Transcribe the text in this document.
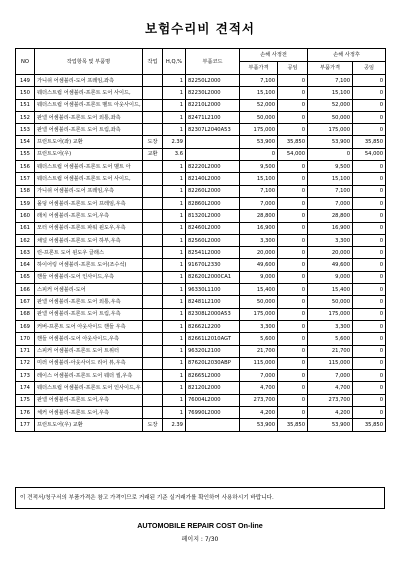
보험수리비 견적서
NO	작업항목 및 부품명	작업	H,Q,%	부품코드	손해 사정전		손해 사정후	
					부품가격	공임	부품가격	공임
149	가니쉬 어셈블리-도어 프레임,좌측		1	82250L2000	7,100	0	7,100	0
150	웨더스트립 어셈블리-프론트 도어 사이드,		1	82230L2000	15,100	0	15,100	0
151	웨더스트립 어셈블리-프론트 벨트 아웃사이드,		1	82210L2000	52,000	0	52,000	0
152	판넬 어셈블리-프론트 도어 외통,좌측		1	82471L2100	50,000	0	50,000	0
153	판넬 어셈블리-프론트 도어 트림,좌측		1	82307L2040A53	175,000	0	175,000	0
154	프런트도어(좌) 교환	도장	2.39		53,900	35,850	53,900	35,850
155	프런트도어(우)	교환	3.6		0	54,000	0	54,000
156	웨더스트립 어셈블리-프론트 도어 벨트 아		1	82220L2000	9,500	0	9,500	0
157	웨더스트립 어셈블리-프론트 도어 사이드,		1	82140L2000	15,100	0	15,100	0
158	가니쉬 어셈블리-도어 프레임,우측		1	82260L2000	7,100	0	7,100	0
159	몰딩 어셈블리-프론트 도어 프레임,우측		1	82860L2000	7,000	0	7,000	0
160	래치 어셈블리-프론트 도어,우측		1	81320L2000	28,800	0	28,800	0
161	모터 어셈블리-프론트 파워 윈도우,우측		1	82460L2000	16,900	0	16,900	0
162	채널 어셈블리-프론트 도어 하부,우측		1	82560L2000	3,300	0	3,300	0
163	런-프론트 도어 윈도우 글래스		1	82541L2000	20,000	0	20,000	0
164	하이어링 어셈블리-프론트 도어(조수석)		1	91670L2330	49,600	0	49,600	0
165	핸들 어셈블리-도어 인사이드,우측		1	82620L2000CA1	9,000	0	9,000	0
166	스피커 어셈블리-도어		1	96330L1100	15,400	0	15,400	0
167	판넬 어셈블리-프론트 도어 외통,우측		1	82481L2100	50,000	0	50,000	0
168	판넬 어셈블리-프론트 도어 트림,우측		1	82308L2000A53	175,000	0	175,000	0
169	커버-프론트 도어 아웃사이드 핸들 우측		1	82662L2200	3,300	0	3,300	0
170	핸들 어셈블리-도어 아웃사이드,우측		1	82661L2010AGT	5,600	0	5,600	0
171	스피커 어셈블리-프론트 도어 트위터		1	96320L2100	21,700	0	21,700	0
172	미러 어셈블리-아웃사이드 리어 뷰,우측		1	87620L2030ABP	115,000	0	115,000	0
173	레이스 어셈블리-프론트 도어 웨더 씰,우측		1	82665L2000	7,000	0	7,000	0
174	웨더스트립 어셈블리-프론트 도어 인사이드,우		1	82120L2000	4,700	0	4,700	0
175	판넬 어셈블리-프론트 도어,우측		1	76004L2000	273,700	0	273,700	0
176	체커 어셈블리-프론트 도어,우측		1	76990L2000	4,200	0	4,200	0
177	프런트도어(우) 교환	도장	2.39		53,900	35,850	53,900	35,850
이 견적서/청구서의 부품가격은 참고 가격이므로 거래된 기준 실거래가를 확인하여 사용하시기 바랍니다.
AUTOMOBILE REPAIR COST On-line
페이지 : 7/30
